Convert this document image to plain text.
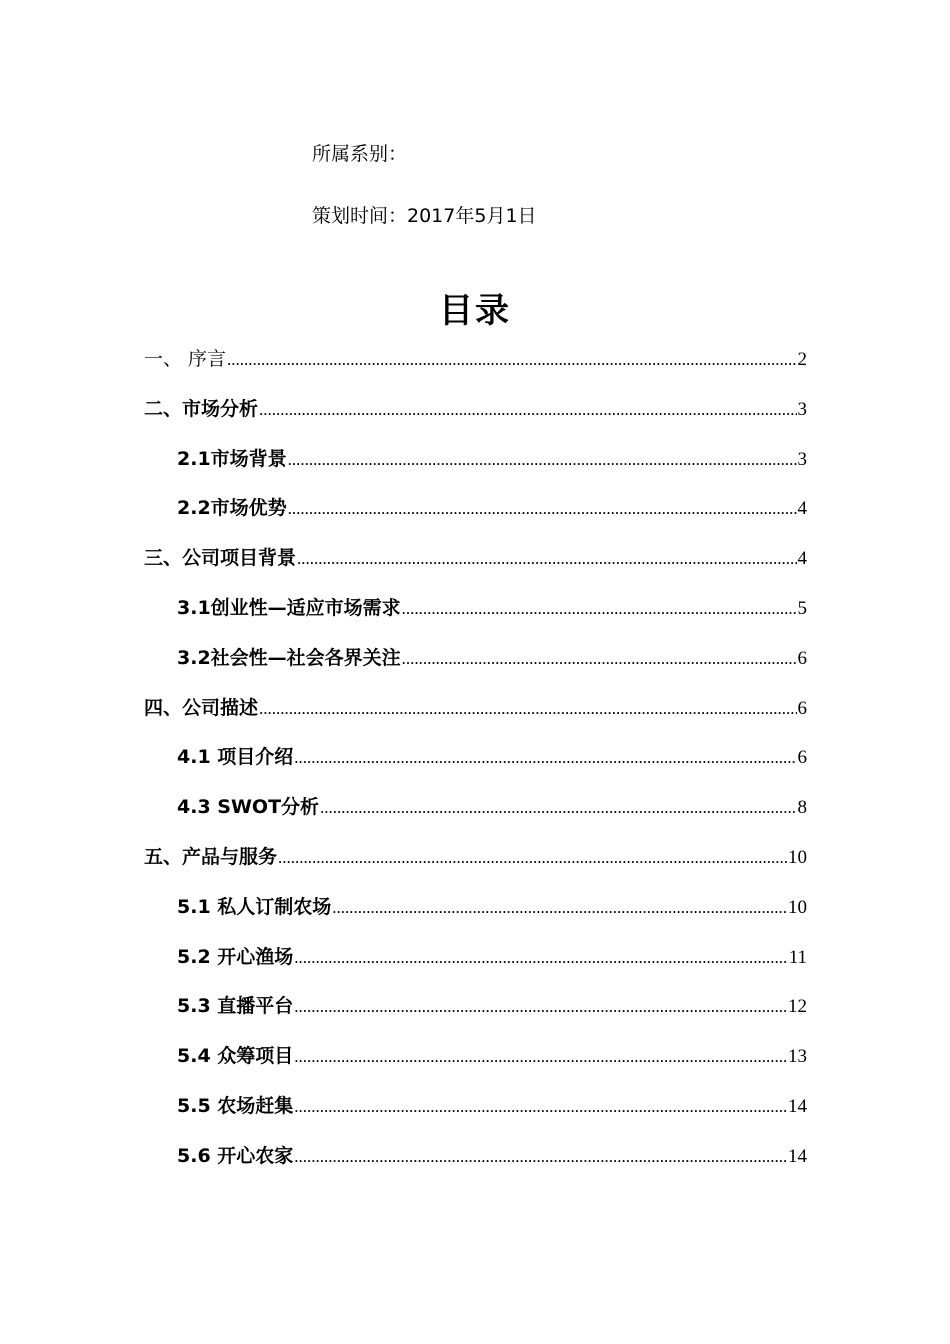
所属系别：
策划时间：2017年5月1日
目录
一、 序言 .....	2
二、市场分析 .....	3
2.1市场背景 .....	3
2.2市场优势 .....	4
三、公司项目背景 .....	4
3.1创业性—适应市场需求 .....	5
3.2社会性—社会各界关注 .....	6
四、公司描述 .....	6
4.1 项目介绍 .....	6
4.3 SWOT分析 .....	8
五、产品与服务 .....	10
5.1 私人订制农场 .....	10
5.2 开心渔场 .....	11
5.3 直播平台 .....	12
5.4 众筹项目 .....	13
5.5 农场赶集 .....	14
5.6 开心农家 .....	14
